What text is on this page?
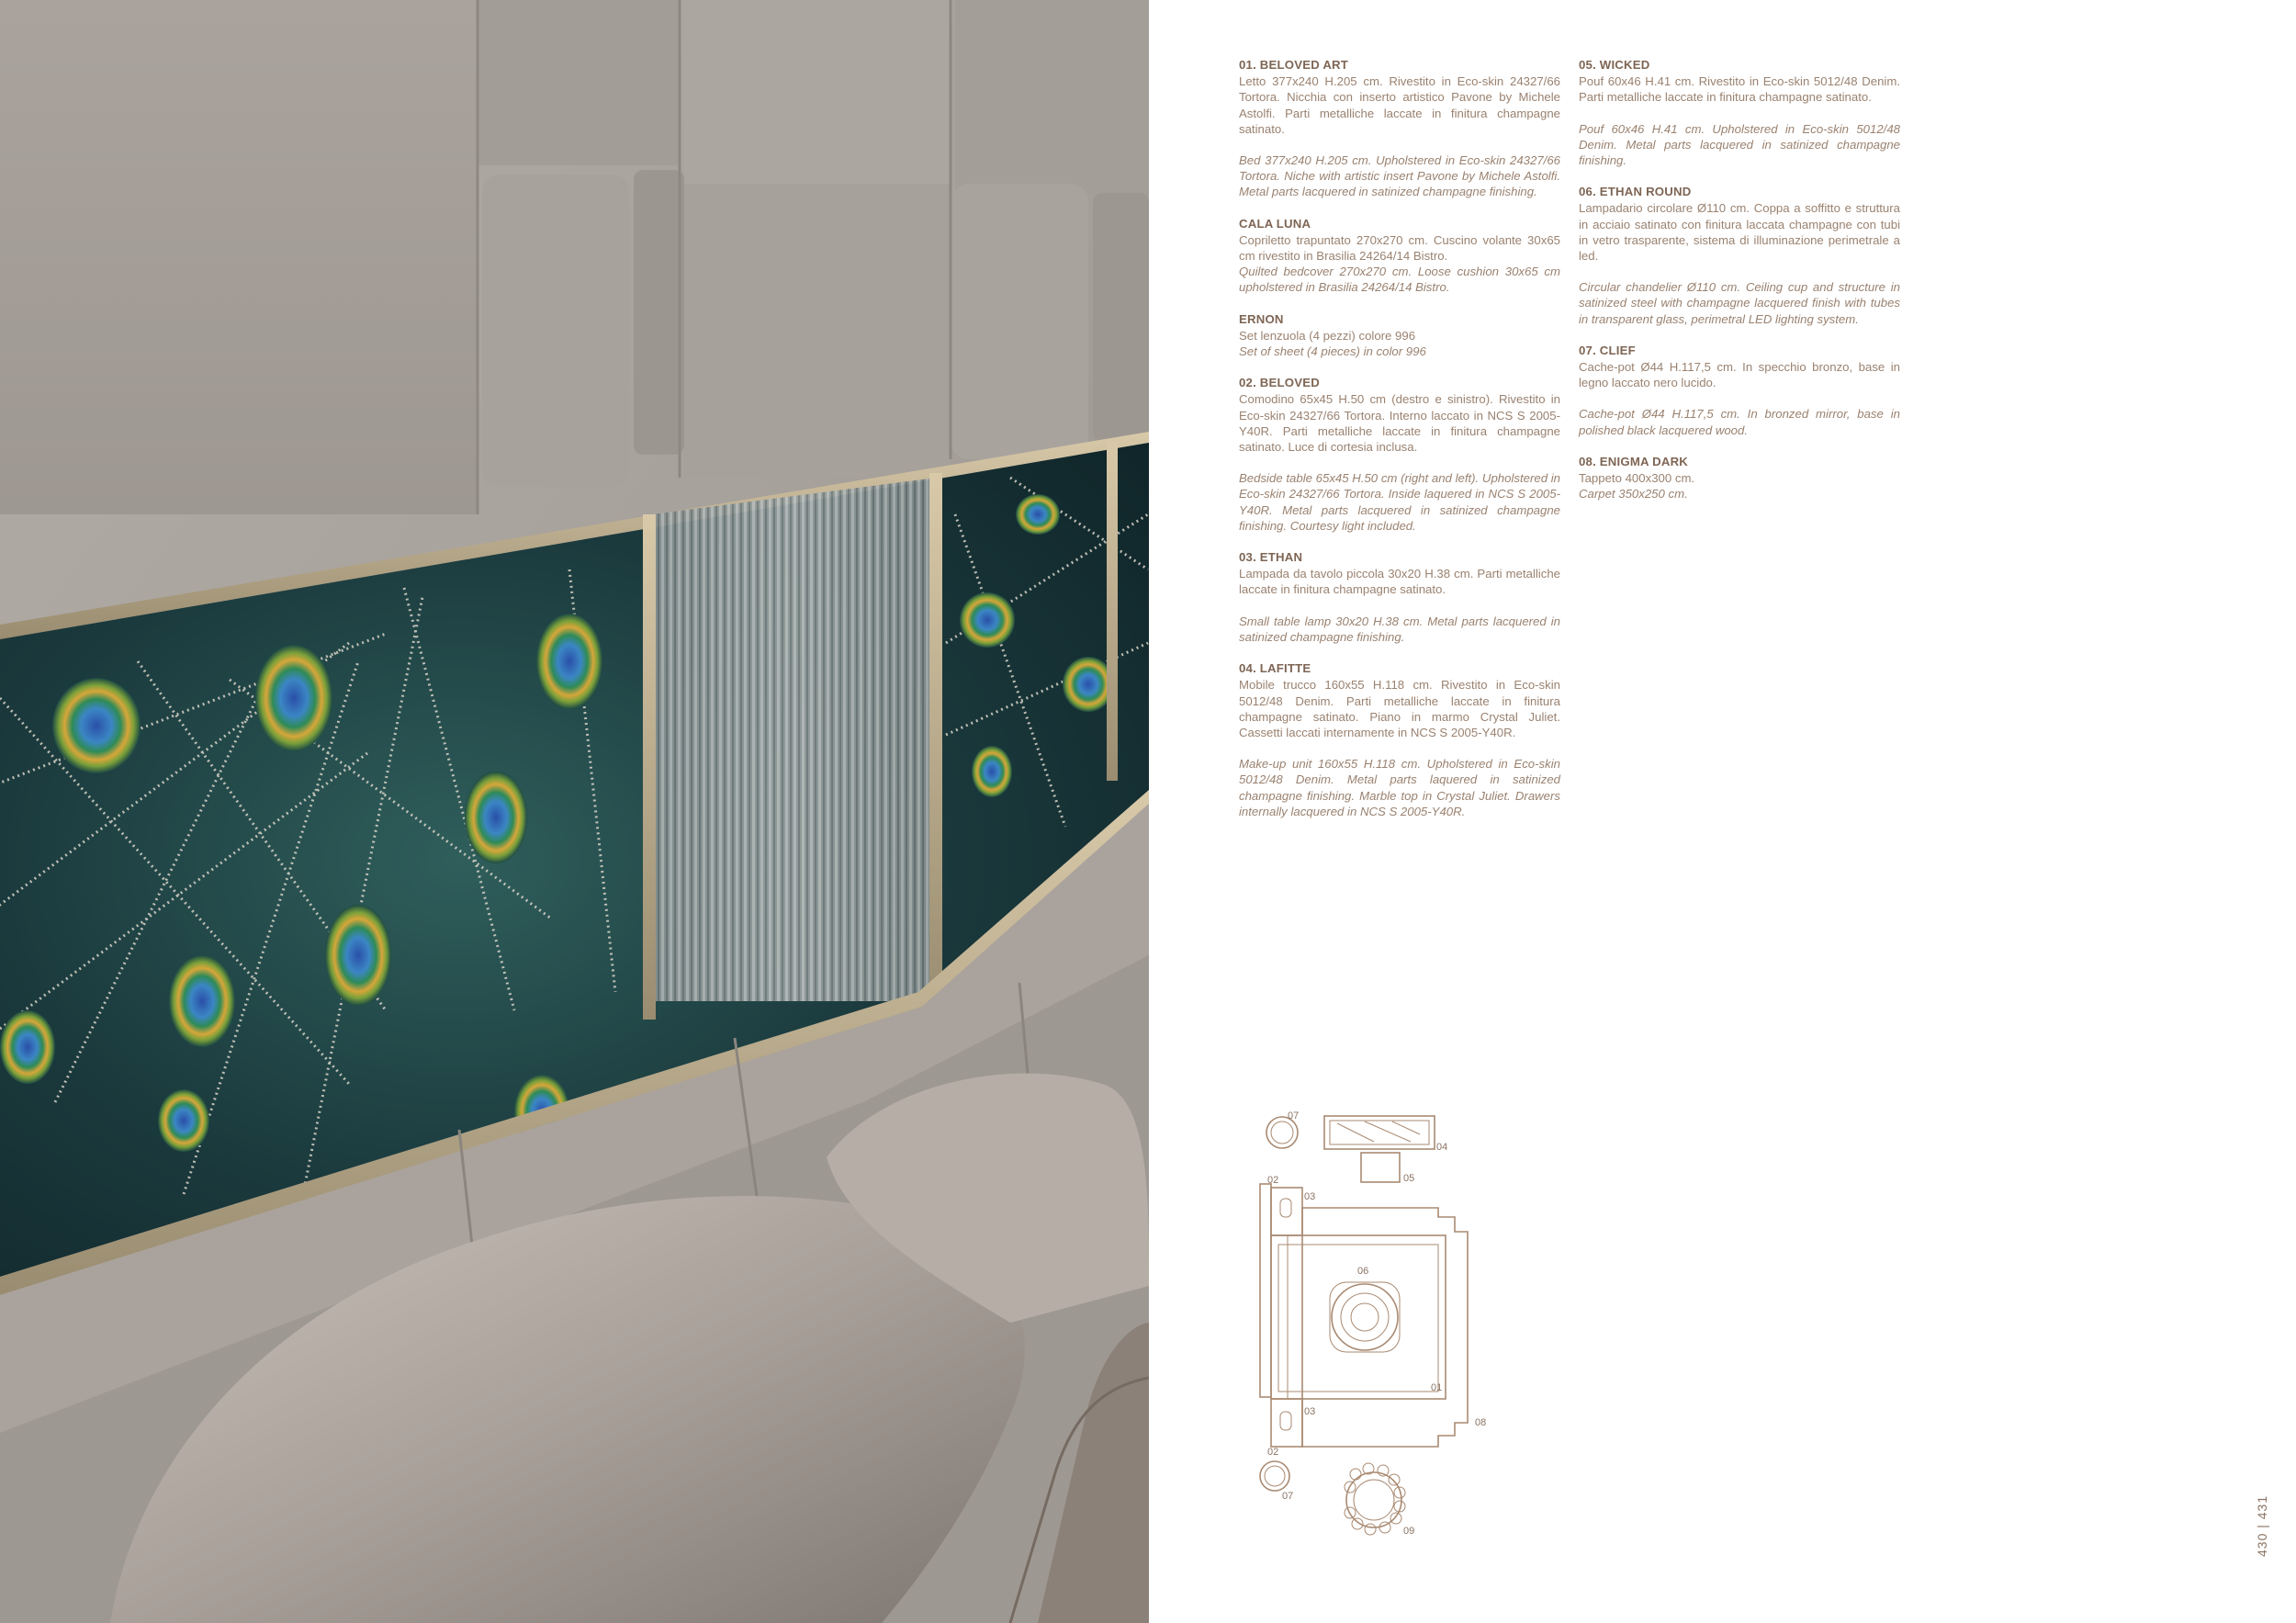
01. BELOVED ART

Letto 377x240 H.205 cm. Rivestito in Eco-skin 24327/66 Tortora. Nicchia con inserto artistico Pavone by Michele Astolfi. Parti metalliche laccate in finitura champagne satinato.

Bed 377x240 H.205 cm. Upholstered in Eco-skin 24327/66 Tortora. Niche with artistic insert Pavone by Michele Astolfi. Metal parts lacquered in satinized champagne finishing.

CALA LUNA

Copriletto trapuntato 270x270 cm. Cuscino volante 30x65 cm rivestito in Brasilia 24264/14 Bistro.

Quilted bedcover 270x270 cm. Loose cushion 30x65 cm upholstered in Brasilia 24264/14 Bistro.

ERNON

Set lenzuola (4 pezzi) colore 996

Set of sheet (4 pieces) in color 996

02. BELOVED

Comodino 65x45 H.50 cm (destro e sinistro). Rivestito in Eco-skin 24327/66 Tortora. Interno laccato in NCS S 2005-Y40R. Parti metalliche laccate in finitura champagne satinato. Luce di cortesia inclusa.

Bedside table 65x45 H.50 cm (right and left). Upholstered in Eco-skin 24327/66 Tortora. Inside laquered in NCS S 2005-Y40R. Metal parts lacquered in satinized champagne finishing. Courtesy light included.

03. ETHAN

Lampada da tavolo piccola 30x20 H.38 cm. Parti metalliche laccate in finitura champagne satinato.

Small table lamp 30x20 H.38 cm. Metal parts lacquered in satinized champagne finishing.

04. LAFITTE

Mobile trucco 160x55 H.118 cm. Rivestito in Eco-skin 5012/48 Denim. Parti metalliche laccate in finitura champagne satinato. Piano in marmo Crystal Juliet. Cassetti laccati internamente in NCS S 2005-Y40R.

Make-up unit 160x55 H.118 cm. Upholstered in Eco-skin 5012/48 Denim. Metal parts laquered in satinized champagne finishing. Marble top in Crystal Juliet. Drawers internally lacquered in NCS S 2005-Y40R.

05. WICKED

Pouf 60x46 H.41 cm. Rivestito in Eco-skin 5012/48 Denim. Parti metalliche laccate in finitura champagne satinato.

Pouf 60x46 H.41 cm. Upholstered in Eco-skin 5012/48 Denim. Metal parts lacquered in satinized champagne finishing.

06. ETHAN ROUND

Lampadario circolare Ø110 cm. Coppa a soffitto e struttura in acciaio satinato con finitura laccata champagne con tubi in vetro trasparente, sistema di illuminazione perimetrale a led.

Circular chandelier Ø110 cm. Ceiling cup and structure in satinized steel with champagne lacquered finish with tubes in transparent glass, perimetral LED lighting system.

07. CLIEF

Cache-pot Ø44 H.117,5 cm. In specchio bronzo, base in legno laccato nero lucido.

Cache-pot Ø44 H.117,5 cm. In bronzed mirror, base in polished black lacquered wood.

08. ENIGMA DARK

Tappeto 400x300 cm.

Carpet 350x250 cm.

07
04
05
02
03
06
01
08
03
02
07
09	430 | 431
